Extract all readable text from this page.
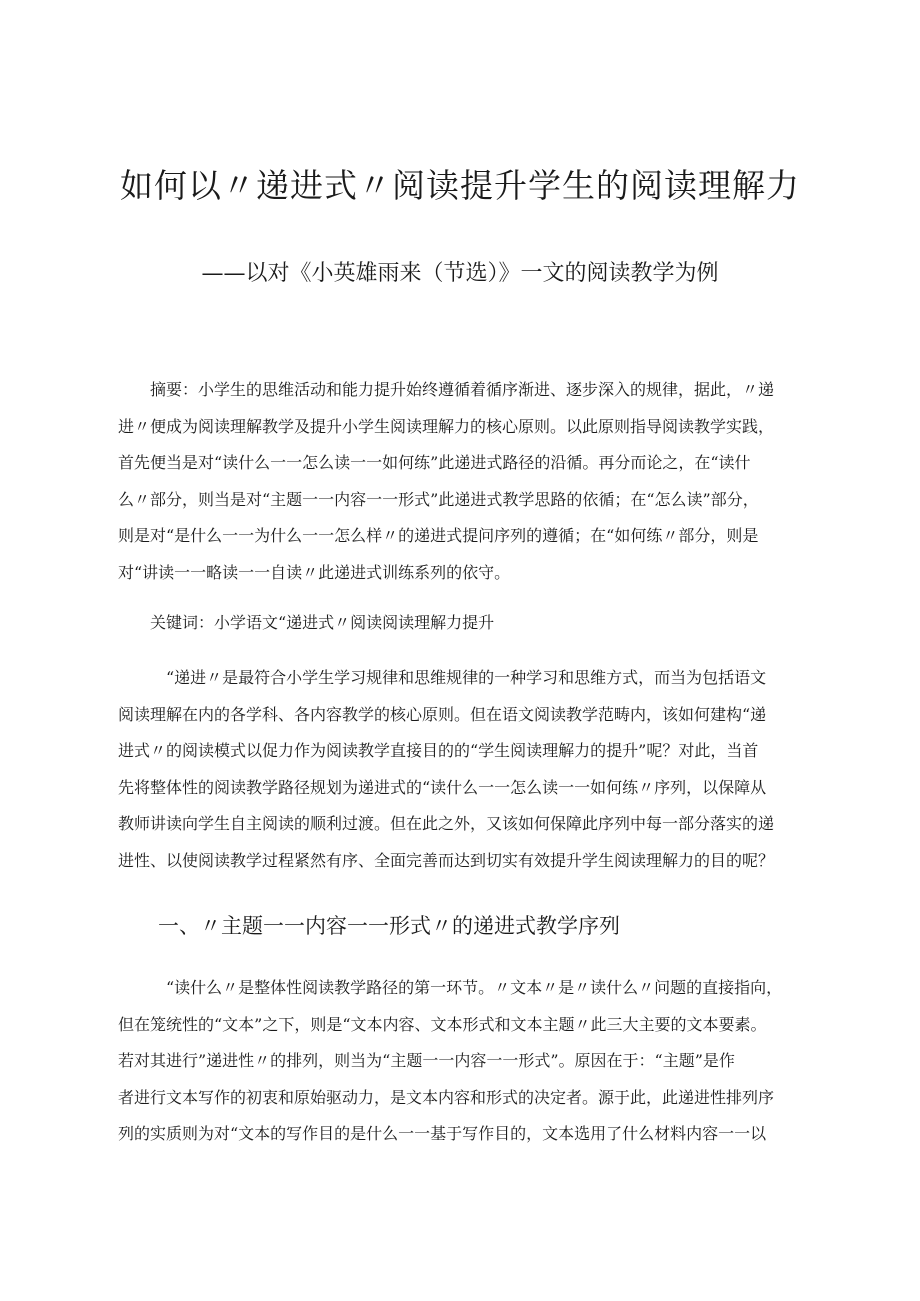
如何以〃递进式〃阅读提升学生的阅读理解力
——以对《小英雄雨来（节选）》一文的阅读教学为例
摘要：小学生的思维活动和能力提升始终遵循着循序渐进、逐步深入的规律，据此，〃递
进〃便成为阅读理解教学及提升小学生阅读理解力的核心原则。以此原则指导阅读教学实践，
首先便当是对“读什么一一怎么读一一如何练”此递进式路径的沿循。再分而论之，在“读什
么〃部分，则当是对“主题一一内容一一形式”此递进式教学思路的依循；在“怎么读”部分，
则是对“是什么一一为什么一一怎么样〃的递进式提问序列的遵循；在“如何练〃部分，则是
对“讲读一一略读一一自读〃此递进式训练系列的依守。
关键词：小学语文“递进式〃阅读阅读理解力提升
“递进〃是最符合小学生学习规律和思维规律的一种学习和思维方式，而当为包括语文
阅读理解在内的各学科、各内容教学的核心原则。但在语文阅读教学范畴内，该如何建构“递
进式〃的阅读模式以促力作为阅读教学直接目的的“学生阅读理解力的提升”呢？对此，当首
先将整体性的阅读教学路径规划为递进式的“读什么一一怎么读一一如何练〃序列，以保障从
教师讲读向学生自主阅读的顺利过渡。但在此之外，又该如何保障此序列中每一部分落实的递
进性、以使阅读教学过程紧然有序、全面完善而达到切实有效提升学生阅读理解力的目的呢？
一、〃主题一一内容一一形式〃的递进式教学序列
“读什么〃是整体性阅读教学路径的第一环节。〃文本〃是〃读什么〃问题的直接指向，
但在笼统性的“文本”之下，则是“文本内容、文本形式和文本主题〃此三大主要的文本要素。
若对其进行”递进性〃的排列，则当为“主题一一内容一一形式”。原因在于：“主题”是作
者进行文本写作的初衷和原始驱动力，是文本内容和形式的决定者。源于此，此递进性排列序
列的实质则为对“文本的写作目的是什么一一基于写作目的，文本选用了什么材料内容一一以
